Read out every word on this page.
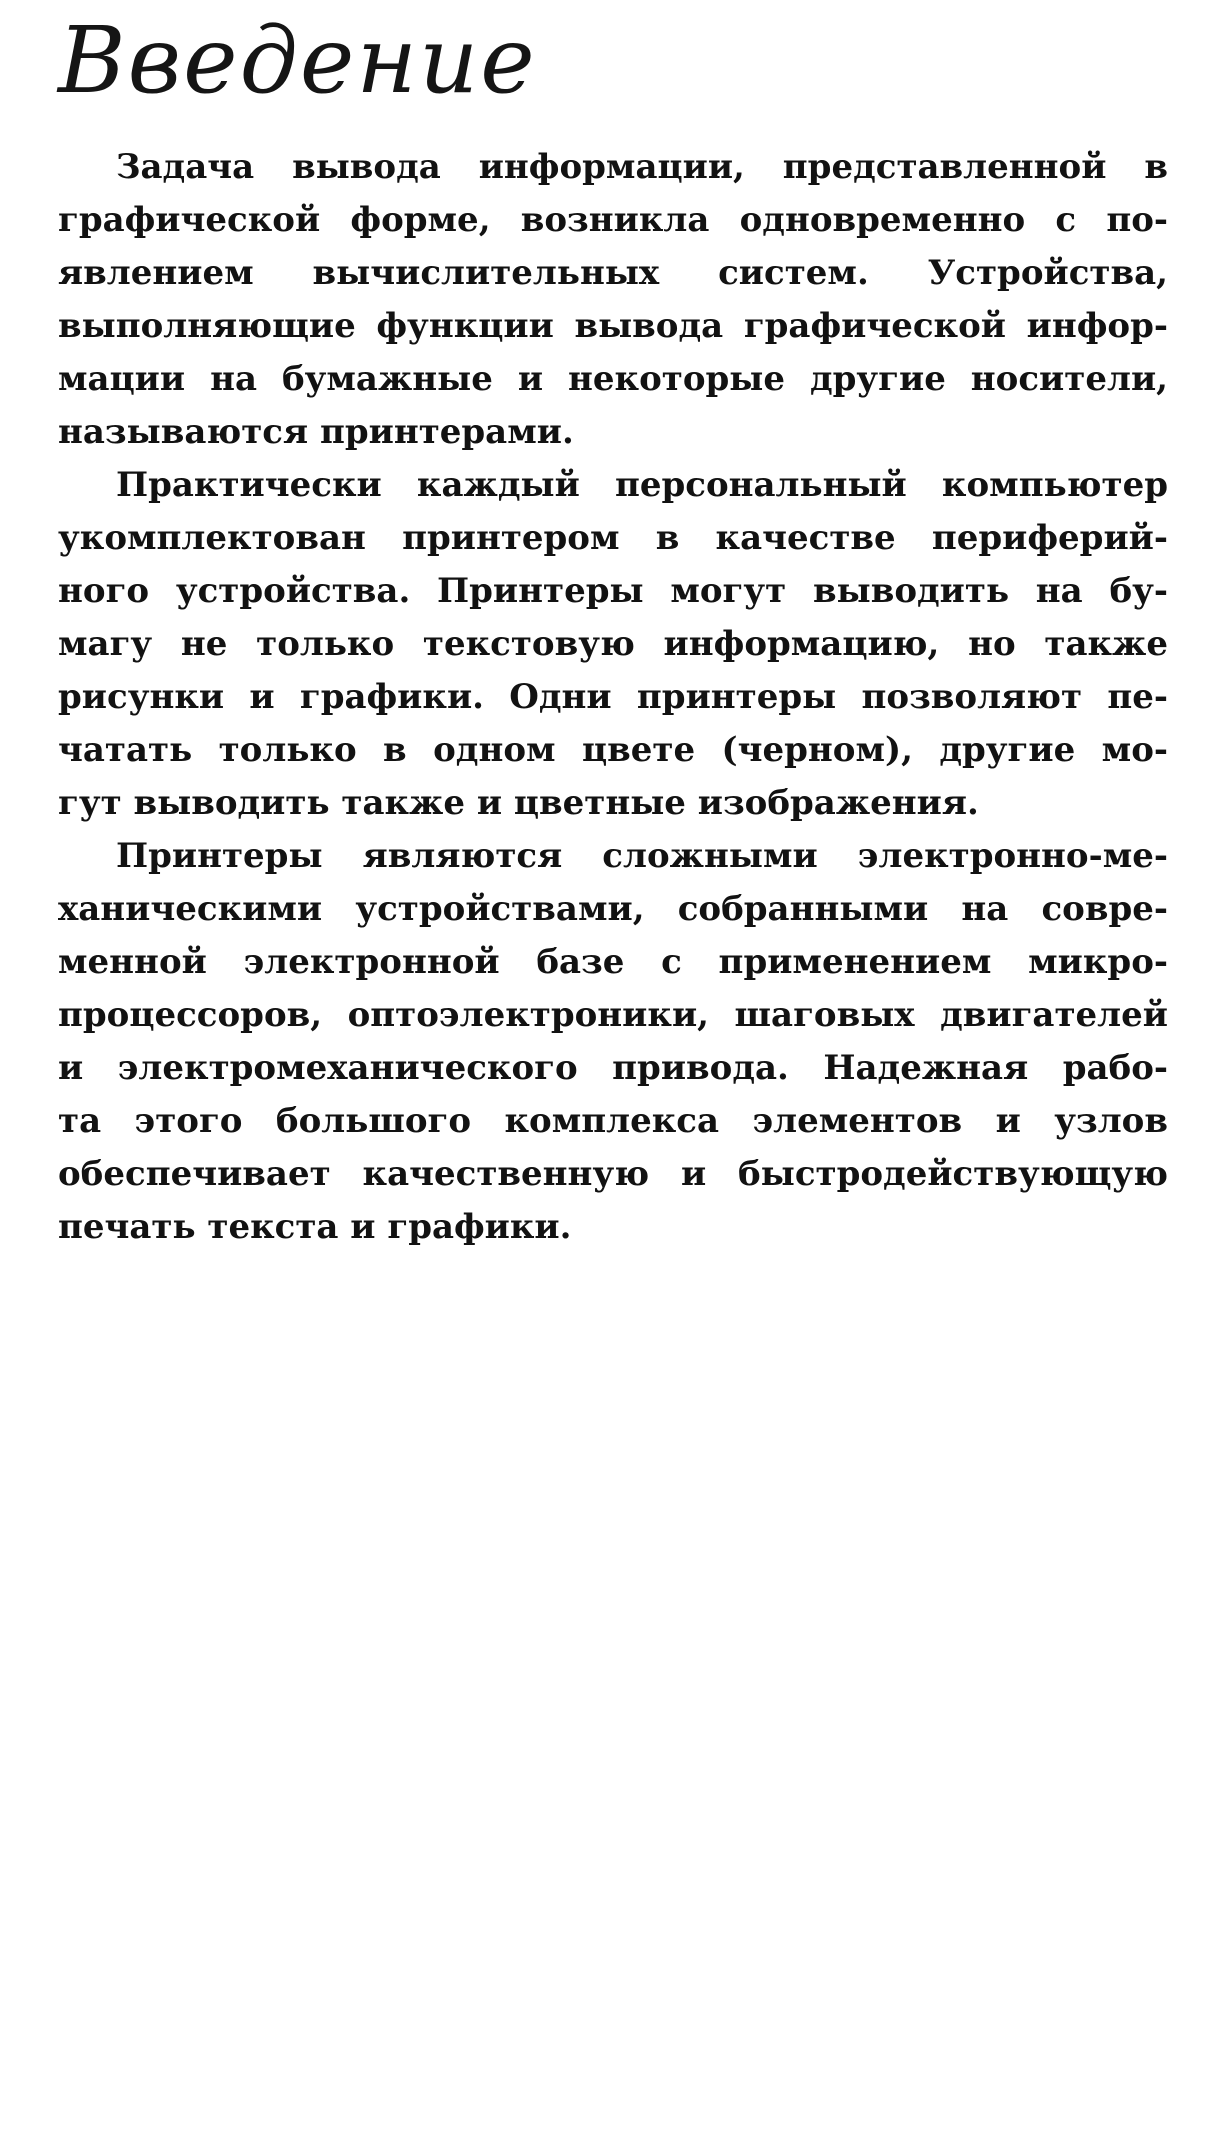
Введение
Задача вывода информации, представленной в
графической форме, возникла одновременно с по-
явлением вычислительных систем. Устройства,
выполняющие функции вывода графической инфор-
мации на бумажные и некоторые другие носители,
называются принтерами.
Практически каждый персональный компьютер
укомплектован принтером в качестве периферий-
ного устройства. Принтеры могут выводить на бу-
магу не только текстовую информацию, но также
рисунки и графики. Одни принтеры позволяют пе-
чатать только в одном цвете (черном), другие мо-
гут выводить также и цветные изображения.
Принтеры являются сложными электронно-ме-
ханическими устройствами, собранными на совре-
менной электронной базе с применением микро-
процессоров, оптоэлектроники, шаговых двигателей
и электромеханического привода. Надежная рабо-
та этого большого комплекса элементов и узлов
обеспечивает качественную и быстродействующую
печать текста и графики.
